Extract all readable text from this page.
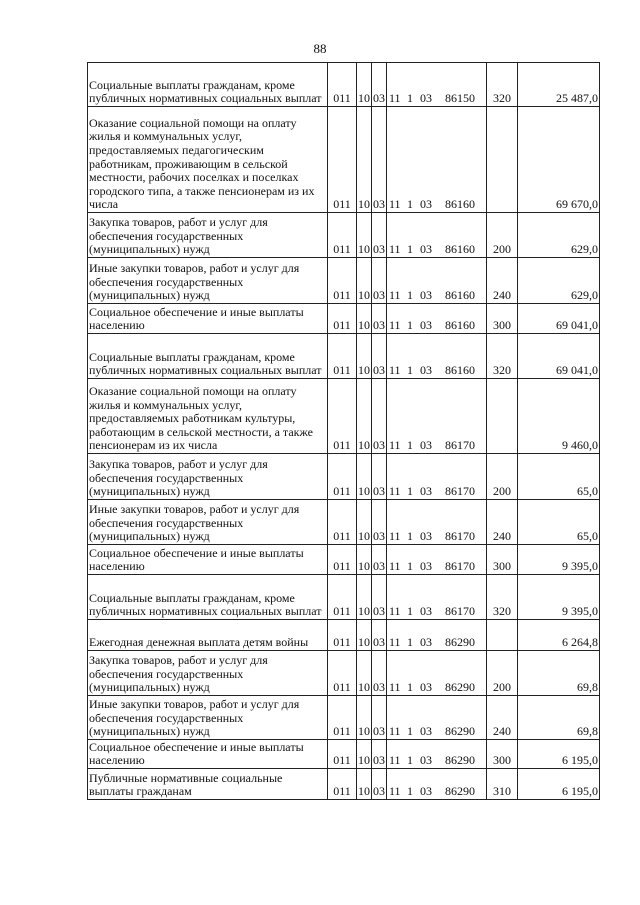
88
Социальные выплаты гражданам, кроме публичных нормативных социальных выплат	011	10	03	11 1 03 86150	320	25 487,0

Оказание социальной помощи на оплату жилья и коммунальных услуг, предоставляемых педагогическим работникам, проживающим в сельской местности, рабочих поселках и поселках городского типа, а также пенсионерам из их числа	011	10	03	11 1 03 86160		69 670,0

Закупка товаров, работ и услуг для обеспечения государственных (муниципальных) нужд	011	10	03	11 1 03 86160	200	629,0

Иные закупки товаров, работ и услуг для обеспечения государственных (муниципальных) нужд	011	10	03	11 1 03 86160	240	629,0

Социальное обеспечение и иные выплаты населению	011	10	03	11 1 03 86160	300	69 041,0

Социальные выплаты гражданам, кроме публичных нормативных социальных выплат	011	10	03	11 1 03 86160	320	69 041,0

Оказание социальной помощи на оплату жилья и коммунальных услуг, предоставляемых работникам культуры, работающим в сельской местности, а также пенсионерам из их числа	011	10	03	11 1 03 86170		9 460,0

Закупка товаров, работ и услуг для обеспечения государственных (муниципальных) нужд	011	10	03	11 1 03 86170	200	65,0

Иные закупки товаров, работ и услуг для обеспечения государственных (муниципальных) нужд	011	10	03	11 1 03 86170	240	65,0

Социальное обеспечение и иные выплаты населению	011	10	03	11 1 03 86170	300	9 395,0

Социальные выплаты гражданам, кроме публичных нормативных социальных выплат	011	10	03	11 1 03 86170	320	9 395,0

Ежегодная денежная выплата детям войны	011	10	03	11 1 03 86290		6 264,8

Закупка товаров, работ и услуг для обеспечения государственных (муниципальных) нужд	011	10	03	11 1 03 86290	200	69,8

Иные закупки товаров, работ и услуг для обеспечения государственных (муниципальных) нужд	011	10	03	11 1 03 86290	240	69,8

Социальное обеспечение и иные выплаты населению	011	10	03	11 1 03 86290	300	6 195,0

Публичные нормативные социальные выплаты гражданам	011	10	03	11 1 03 86290	310	6 195,0
